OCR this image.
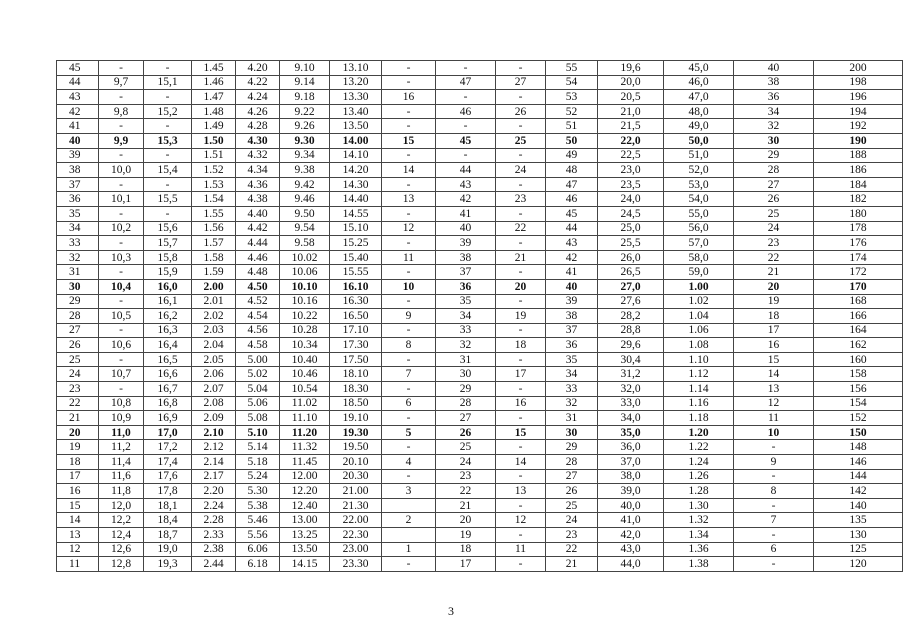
45	-	-	1.45	4.20	9.10	13.10	-	-	-	55	19,6	45,0	40	200
44	9,7	15,1	1.46	4.22	9.14	13.20	-	47	27	54	20,0	46,0	38	198
43	-	-	1.47	4.24	9.18	13.30	16	-	-	53	20,5	47,0	36	196
42	9,8	15,2	1.48	4.26	9.22	13.40	-	46	26	52	21,0	48,0	34	194
41	-	-	1.49	4.28	9.26	13.50	-	-	-	51	21,5	49,0	32	192
40	9,9	15,3	1.50	4.30	9.30	14.00	15	45	25	50	22,0	50,0	30	190
39	-	-	1.51	4.32	9.34	14.10	-	-	-	49	22,5	51,0	29	188
38	10,0	15,4	1.52	4.34	9.38	14.20	14	44	24	48	23,0	52,0	28	186
37	-	-	1.53	4.36	9.42	14.30	-	43	-	47	23,5	53,0	27	184
36	10,1	15,5	1.54	4.38	9.46	14.40	13	42	23	46	24,0	54,0	26	182
35	-	-	1.55	4.40	9.50	14.55	-	41	-	45	24,5	55,0	25	180
34	10,2	15,6	1.56	4.42	9.54	15.10	12	40	22	44	25,0	56,0	24	178
33	-	15,7	1.57	4.44	9.58	15.25	-	39	-	43	25,5	57,0	23	176
32	10,3	15,8	1.58	4.46	10.02	15.40	11	38	21	42	26,0	58,0	22	174
31	-	15,9	1.59	4.48	10.06	15.55	-	37	-	41	26,5	59,0	21	172
30	10,4	16,0	2.00	4.50	10.10	16.10	10	36	20	40	27,0	1.00	20	170
29	-	16,1	2.01	4.52	10.16	16.30	-	35	-	39	27,6	1.02	19	168
28	10,5	16,2	2.02	4.54	10.22	16.50	9	34	19	38	28,2	1.04	18	166
27	-	16,3	2.03	4.56	10.28	17.10	-	33	-	37	28,8	1.06	17	164
26	10,6	16,4	2.04	4.58	10.34	17.30	8	32	18	36	29,6	1.08	16	162
25	-	16,5	2.05	5.00	10.40	17.50	-	31	-	35	30,4	1.10	15	160
24	10,7	16,6	2.06	5.02	10.46	18.10	7	30	17	34	31,2	1.12	14	158
23	-	16,7	2.07	5.04	10.54	18.30	-	29	-	33	32,0	1.14	13	156
22	10,8	16,8	2.08	5.06	11.02	18.50	6	28	16	32	33,0	1.16	12	154
21	10,9	16,9	2.09	5.08	11.10	19.10	-	27	-	31	34,0	1.18	11	152
20	11,0	17,0	2.10	5.10	11.20	19.30	5	26	15	30	35,0	1.20	10	150
19	11,2	17,2	2.12	5.14	11.32	19.50	-	25	-	29	36,0	1.22	-	148
18	11,4	17,4	2.14	5.18	11.45	20.10	4	24	14	28	37,0	1.24	9	146
17	11,6	17,6	2.17	5.24	12.00	20.30	-	23	-	27	38,0	1.26	-	144
16	11,8	17,8	2.20	5.30	12.20	21.00	3	22	13	26	39,0	1.28	8	142
15	12,0	18,1	2.24	5.38	12.40	21.30		21	-	25	40,0	1.30	-	140
14	12,2	18,4	2.28	5.46	13.00	22.00	2	20	12	24	41,0	1.32	7	135
13	12,4	18,7	2.33	5.56	13.25	22.30		19	-	23	42,0	1.34	-	130
12	12,6	19,0	2.38	6.06	13.50	23.00	1	18	11	22	43,0	1.36	6	125
11	12,8	19,3	2.44	6.18	14.15	23.30	-	17	-	21	44,0	1.38	-	120
3
